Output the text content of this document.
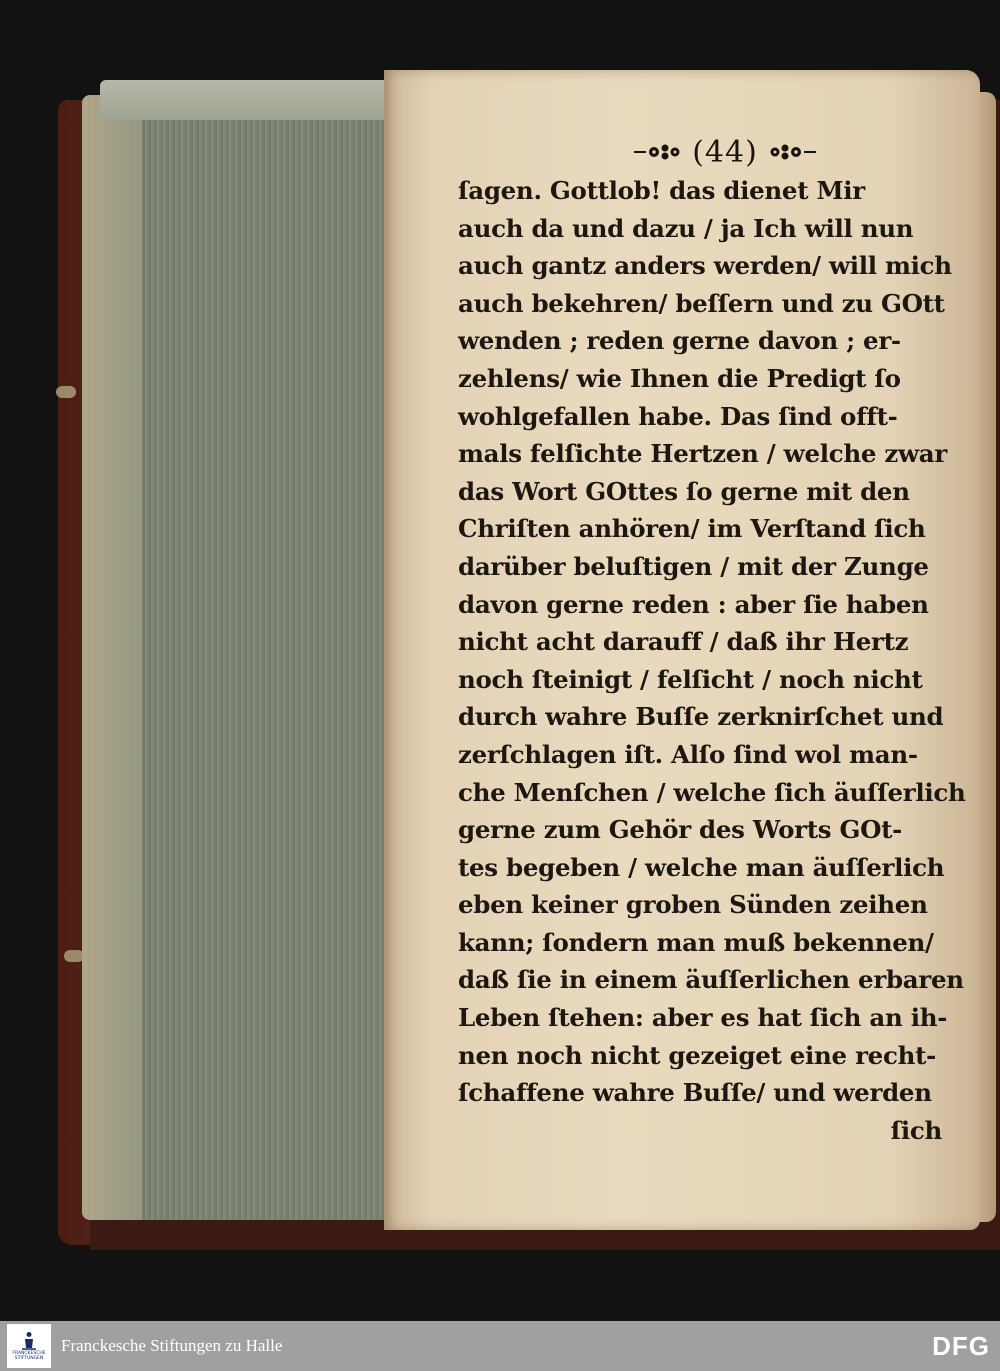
(44)
ſagen. Gottlob! das dienet Mir
auch da und dazu / ja Ich will nun
auch gantz anders werden/ will mich
auch bekehren/ beſſern und zu GOtt
wenden ; reden gerne davon ; er-
zehlens/ wie Ihnen die Predigt ſo
wohlgefallen habe. Das ſind offt-
mals felſichte Hertzen / welche zwar
das Wort GOttes ſo gerne mit den
Chriſten anhören/ im Verſtand ſich
darüber beluſtigen / mit der Zunge
davon gerne reden : aber ſie haben
nicht acht darauff / daß ihr Hertz
noch ſteinigt / felſicht / noch nicht
durch wahre Buſſe zerknirſchet und
zerſchlagen iſt. Alſo ſind wol man-
che Menſchen / welche ſich äuſſerlich
gerne zum Gehör des Worts GOt-
tes begeben / welche man äuſſerlich
eben keiner groben Sünden zeihen
kann; ſondern man muß bekennen/
daß ſie in einem äuſſerlichen erbaren
Leben ſtehen: aber es hat ſich an ih-
nen noch nicht gezeiget eine recht-
ſchaffene wahre Buſſe/ und werden
ſich
FRANCKESCHE
STIFTUNGEN
Franckesche Stiftungen zu Halle	DFG
